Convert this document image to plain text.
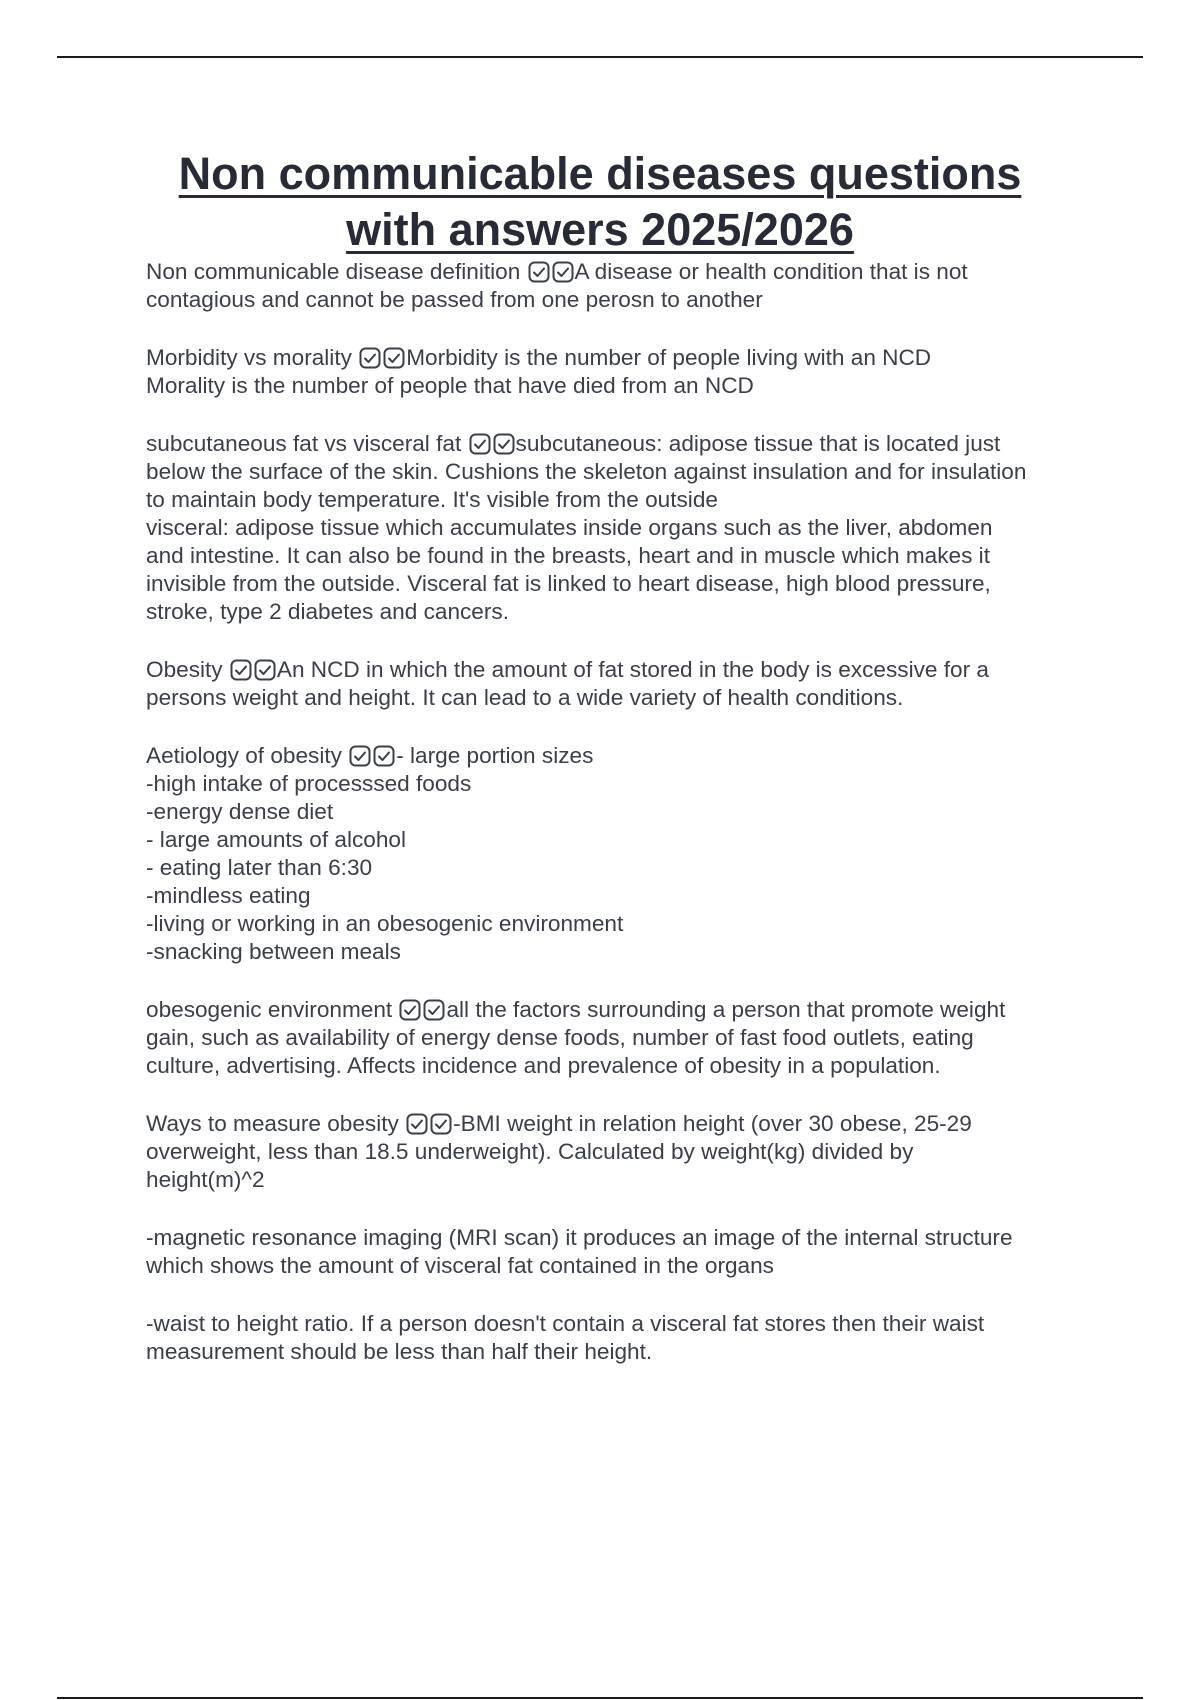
Non communicable diseases questions
with answers 2025/2026
Non communicable disease definition A disease or health condition that is not
contagious and cannot be passed from one perosn to another
Morbidity vs morality Morbidity is the number of people living with an NCD
Morality is the number of people that have died from an NCD
subcutaneous fat vs visceral fat subcutaneous: adipose tissue that is located just
below the surface of the skin. Cushions the skeleton against insulation and for insulation
to maintain body temperature. It's visible from the outside
visceral: adipose tissue which accumulates inside organs such as the liver, abdomen
and intestine. It can also be found in the breasts, heart and in muscle which makes it
invisible from the outside. Visceral fat is linked to heart disease, high blood pressure,
stroke, type 2 diabetes and cancers.
Obesity An NCD in which the amount of fat stored in the body is excessive for a
persons weight and height. It can lead to a wide variety of health conditions.
Aetiology of obesity - large portion sizes
-high intake of processsed foods
-energy dense diet
- large amounts of alcohol
- eating later than 6:30
-mindless eating
-living or working in an obesogenic environment
-snacking between meals
obesogenic environment all the factors surrounding a person that promote weight
gain, such as availability of energy dense foods, number of fast food outlets, eating
culture, advertising. Affects incidence and prevalence of obesity in a population.
Ways to measure obesity -BMI weight in relation height (over 30 obese, 25-29
overweight, less than 18.5 underweight). Calculated by weight(kg) divided by
height(m)^2
-magnetic resonance imaging (MRI scan) it produces an image of the internal structure
which shows the amount of visceral fat contained in the organs
-waist to height ratio. If a person doesn't contain a visceral fat stores then their waist
measurement should be less than half their height.
